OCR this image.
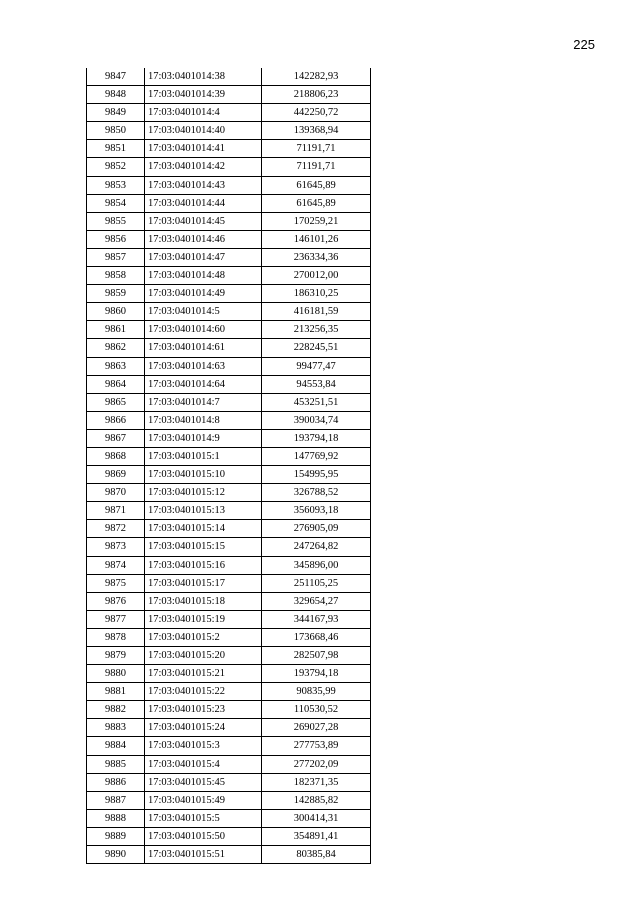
225
9847	17:03:0401014:38	142282,93
9848	17:03:0401014:39	218806,23
9849	17:03:0401014:4	442250,72
9850	17:03:0401014:40	139368,94
9851	17:03:0401014:41	71191,71
9852	17:03:0401014:42	71191,71
9853	17:03:0401014:43	61645,89
9854	17:03:0401014:44	61645,89
9855	17:03:0401014:45	170259,21
9856	17:03:0401014:46	146101,26
9857	17:03:0401014:47	236334,36
9858	17:03:0401014:48	270012,00
9859	17:03:0401014:49	186310,25
9860	17:03:0401014:5	416181,59
9861	17:03:0401014:60	213256,35
9862	17:03:0401014:61	228245,51
9863	17:03:0401014:63	99477,47
9864	17:03:0401014:64	94553,84
9865	17:03:0401014:7	453251,51
9866	17:03:0401014:8	390034,74
9867	17:03:0401014:9	193794,18
9868	17:03:0401015:1	147769,92
9869	17:03:0401015:10	154995,95
9870	17:03:0401015:12	326788,52
9871	17:03:0401015:13	356093,18
9872	17:03:0401015:14	276905,09
9873	17:03:0401015:15	247264,82
9874	17:03:0401015:16	345896,00
9875	17:03:0401015:17	251105,25
9876	17:03:0401015:18	329654,27
9877	17:03:0401015:19	344167,93
9878	17:03:0401015:2	173668,46
9879	17:03:0401015:20	282507,98
9880	17:03:0401015:21	193794,18
9881	17:03:0401015:22	90835,99
9882	17:03:0401015:23	110530,52
9883	17:03:0401015:24	269027,28
9884	17:03:0401015:3	277753,89
9885	17:03:0401015:4	277202,09
9886	17:03:0401015:45	182371,35
9887	17:03:0401015:49	142885,82
9888	17:03:0401015:5	300414,31
9889	17:03:0401015:50	354891,41
9890	17:03:0401015:51	80385,84
